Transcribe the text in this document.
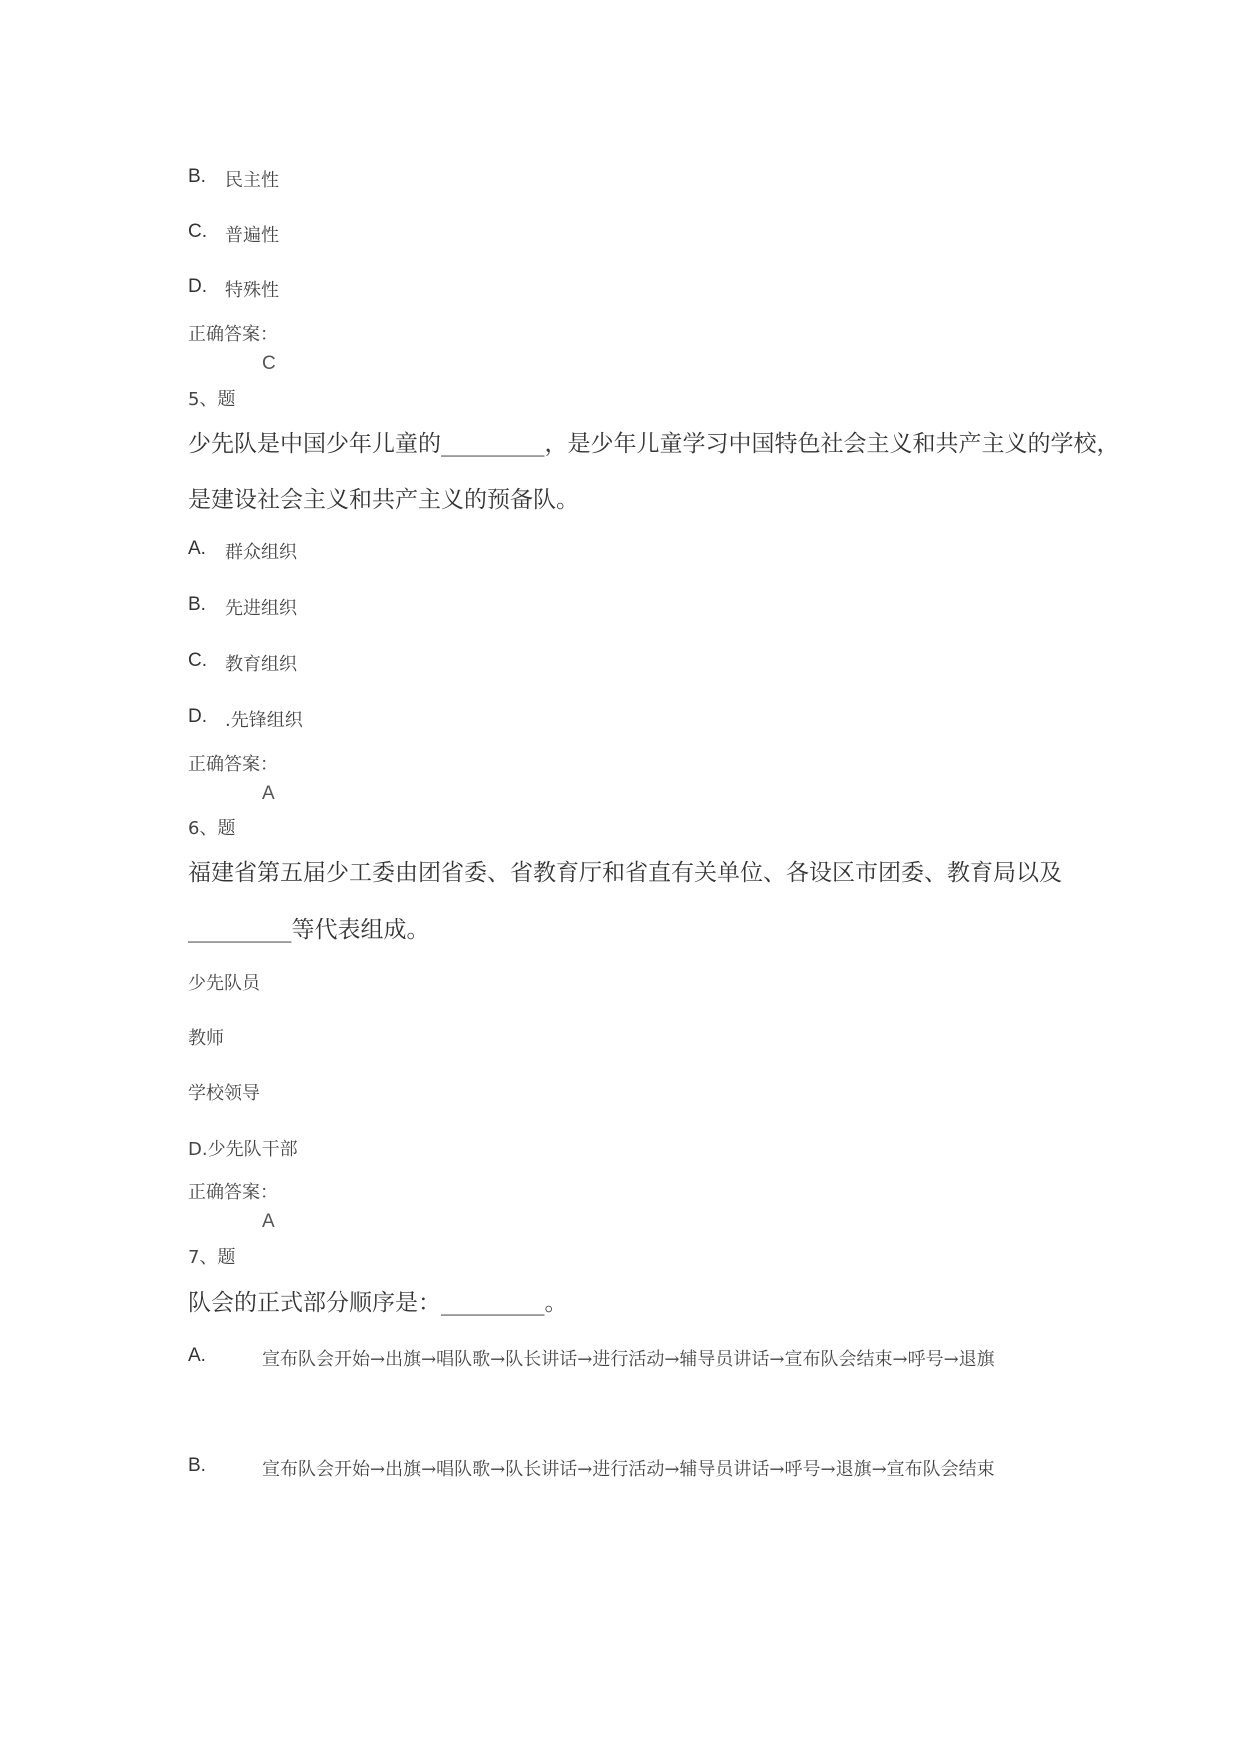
B. 民主性
C. 普遍性
D. 特殊性
正确答案：
C
5、题
少先队是中国少年儿童的_________，是少年儿童学习中国特色社会主义和共产主义的学校，
是建设社会主义和共产主义的预备队。
A. 群众组织
B. 先进组织
C. 教育组织
D. .先锋组织
正确答案：
A
6、题
福建省第五届少工委由团省委、省教育厅和省直有关单位、各设区市团委、教育局以及
_________等代表组成。
少先队员
教师
学校领导
D.少先队干部
正确答案：
A
7、题
队会的正式部分顺序是：_________。
A.	宣布队会开始→出旗→唱队歌→队长讲话→进行活动→辅导员讲话→宣布队会结束→呼号→退旗
B.	宣布队会开始→出旗→唱队歌→队长讲话→进行活动→辅导员讲话→呼号→退旗→宣布队会结束
